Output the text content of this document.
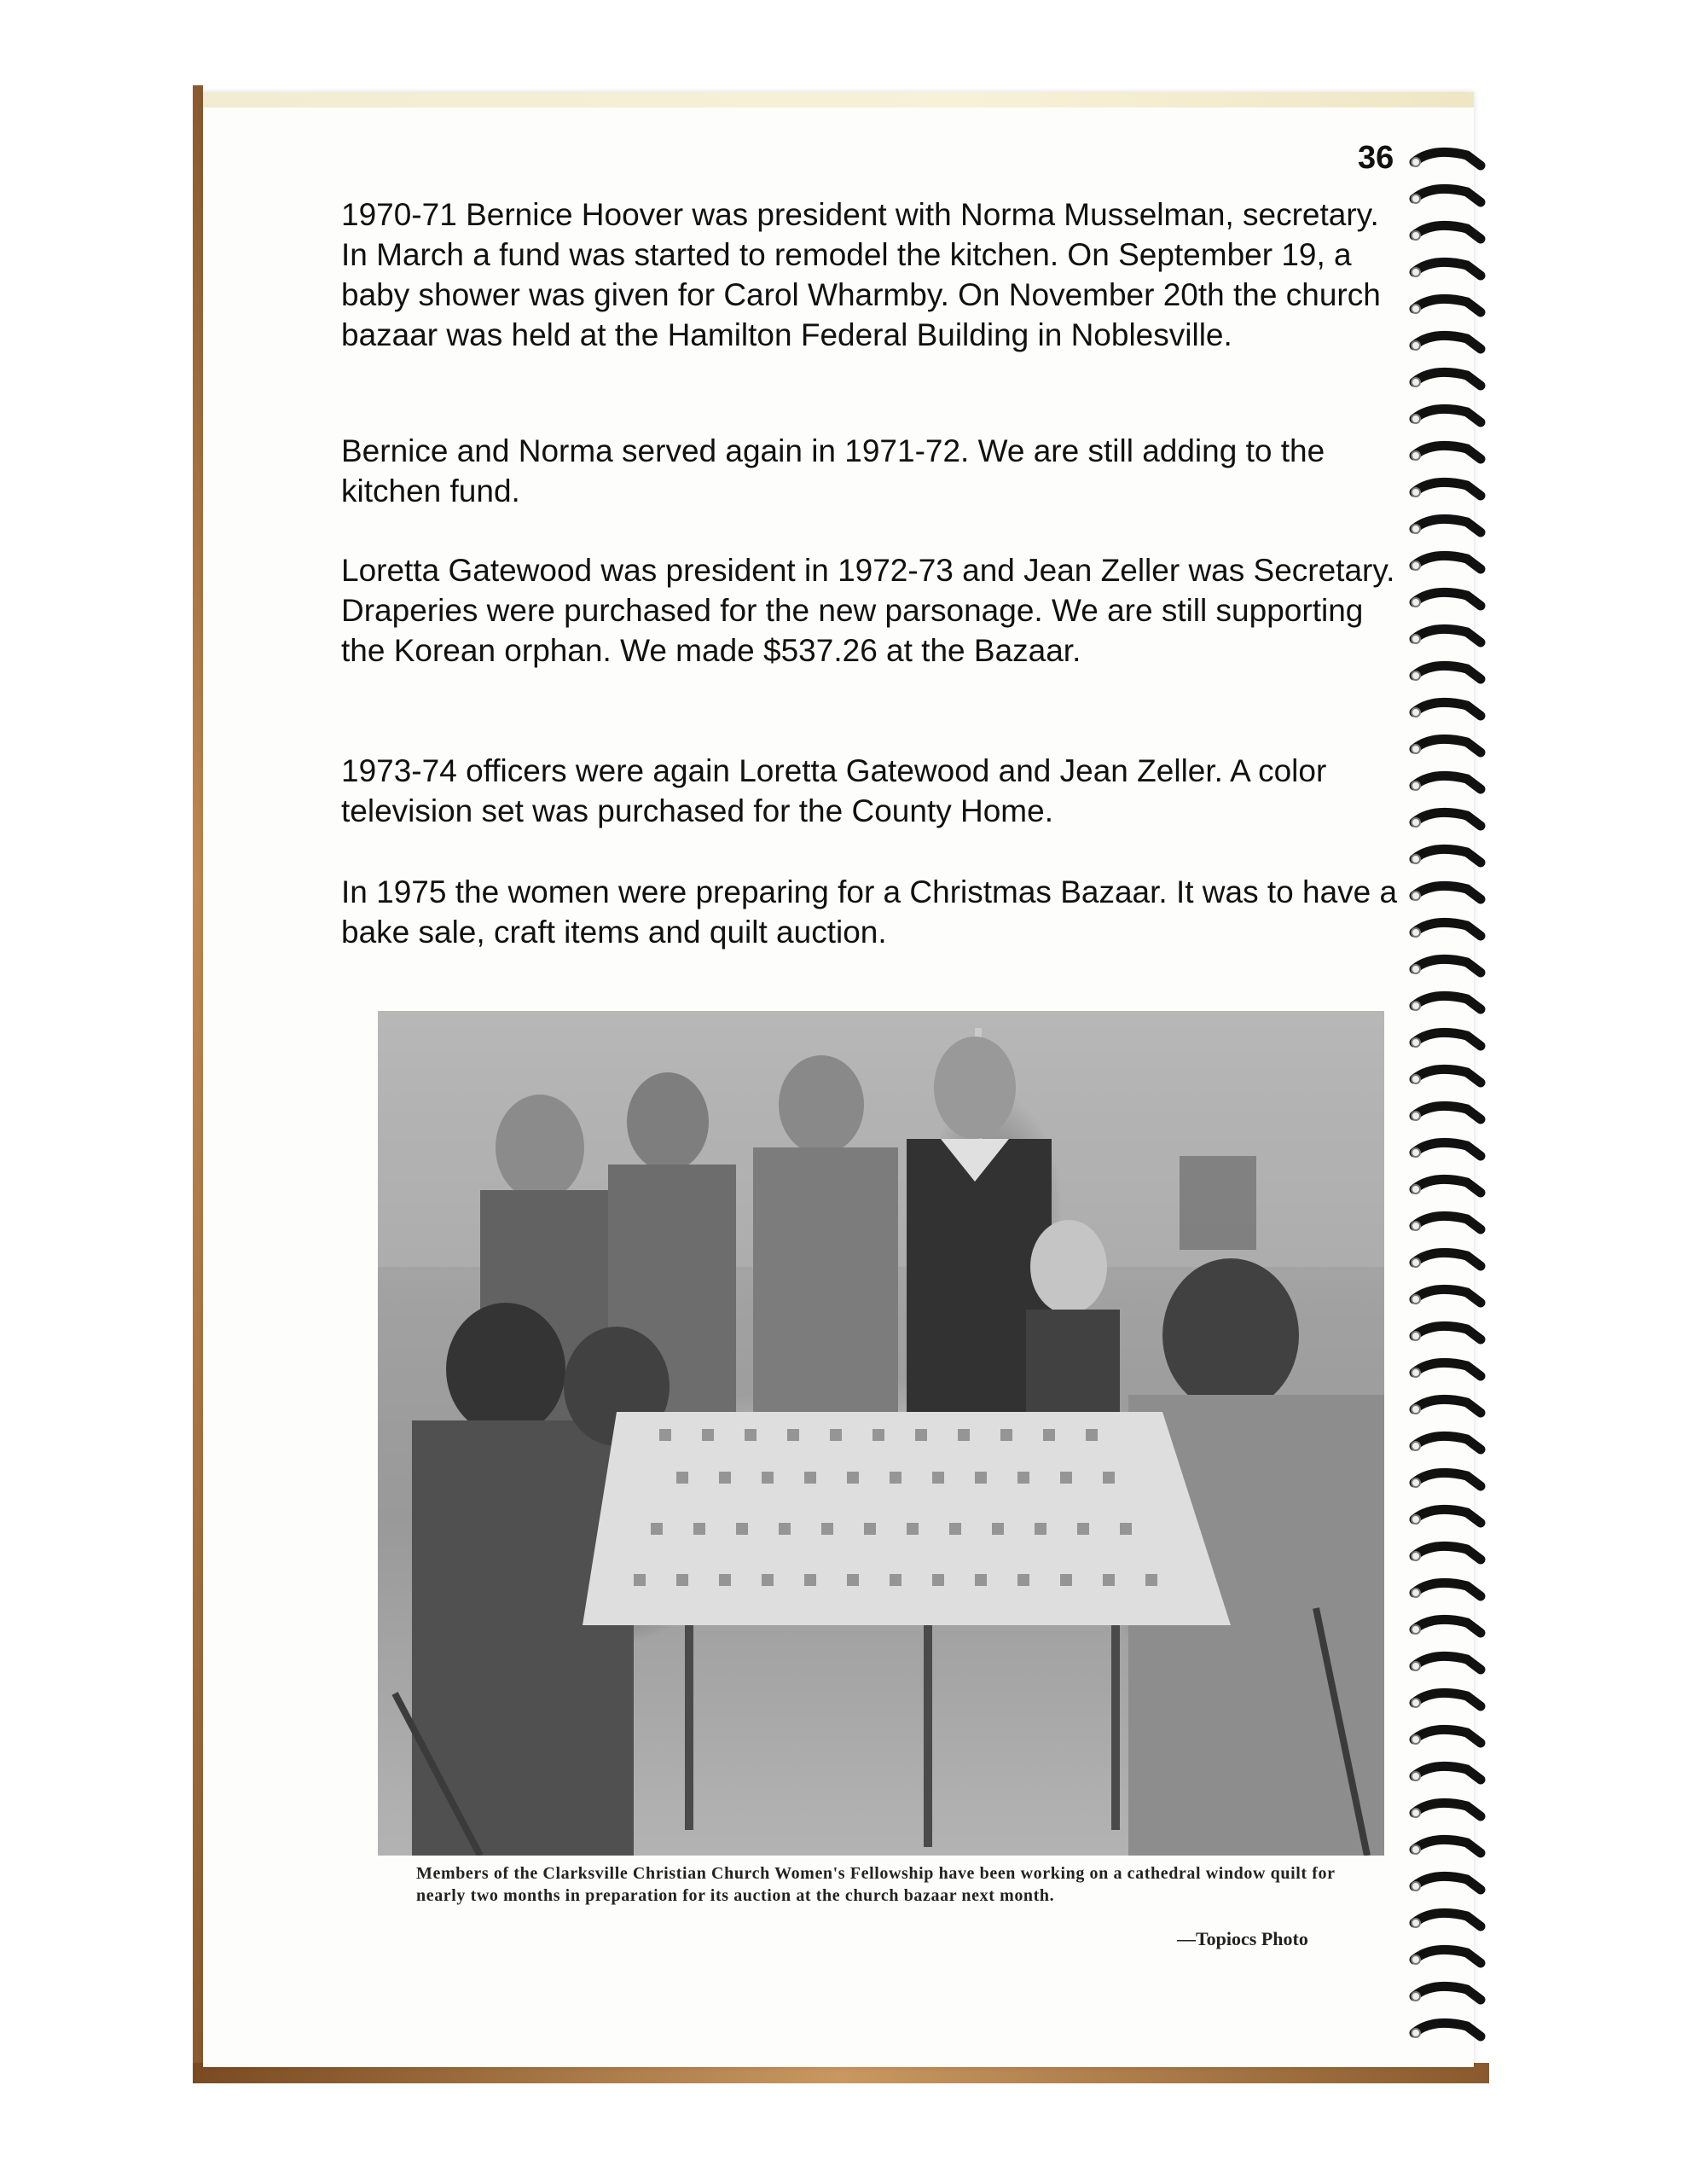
36

1970-71 Bernice Hoover was president with Norma Musselman, secretary. In March a fund was started to remodel the kitchen. On September 19, a baby shower was given for Carol Wharmby. On November 20th the church bazaar was held at the Hamilton Federal Building in Noblesville.

Bernice and Norma served again in 1971-72. We are still adding to the kitchen fund.

Loretta Gatewood was president in 1972-73 and Jean Zeller was Secretary. Draperies were purchased for the new parsonage. We are still supporting the Korean orphan. We made $537.26 at the Bazaar.

1973-74 officers were again Loretta Gatewood and Jean Zeller. A color television set was purchased for the County Home.

In 1975 the women were preparing for a Christmas Bazaar. It was to have a bake sale, craft items and quilt auction.

Members of the Clarksville Christian Church Women's Fellowship have been working on a cathedral window quilt for nearly two months in preparation for its auction at the church bazaar next month.

—Topiocs Photo
